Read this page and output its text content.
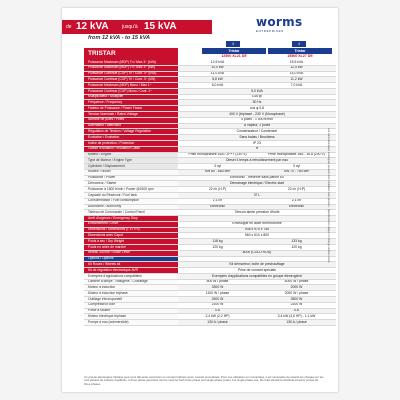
de 12 kVA	jusqu'à 15 kVA
from 12 kVA - to 15 kVA
worms
ENTREPRISES
TRISTAR
4
Tristar
12500 XL21 DE
4
Tristar
15500 XL27 DE
Puissance Maximum (MDP) Tri / Max 3~ (kVA)	12,5 kVA	15,5 kVA
Puissance Maximum (MDP) Tri / Max 3~ (kW)	10,0 kW	12,4 kW
Puissance Continue (COP) Tri / Cont. 3~ (kVA)	11,0 kVA	14,0 kVA
Puissance Continue (COP) Tri / Cont. 3~ (kW)	8,8 kW	11,2 kW
Puissance Maximum (MDP) Mono / Max 1~	6,0 kVA	7,0 kVA
Puissance Continue (COP) Mono / Cont. 1~	5,0 kVA
Multiplicateur / Multiplier	10A @
Fréquence / Frequency	50 Hz
Facteur de Puissance / Power Factor	cos φ 0,8
Tension Nominale / Rated Voltage	400 V (triphasé - 230 V (Monophasé)
Nombre de pôles / Poles	4 pôles - 1 500 tr/min
Alternateur / Alternator	A Vapeur, 2 pôles
Régulation de Tension / Voltage Regulation	Condensateur / Condenser
Excitation / Excitation	Sans balais / Brushless
Indice de protection / Protection	IP 23
Classe d'Isolation / Insulation Class	H
Moteur / Engine	Prise monophasée 16A / 2P+T (230 V)	Prise monophasée 16A - 16 A (230 V)
Type de Moteur / Engine Type	Diesel 4 temps à refroidissement par eau
Cylindrée / Displacement	3 cyl	3 cyl
Modèle / Model	SW 80 - 660 cm³	SW 70 - 760 cm³
Puissance / Power	Electronic - Réserve sans panne Ec
Démarreur / Starter	Démarrage électrique / Electric start
Puissance à 1500 tr/min / Power @1500 rpm	22 ch (H-P)	22 ch (H-P)
Capacité du Réservoir / Fuel tank	37 L
Consommation / Fuel consumption	2,1 l/h	2,1 l/h
Autonomie / Autonomy	Electronic	Electronic
Tableau de Commande / Control Panel	Témoin alerte pression d'huile
Arrêt d'urgence / Emergency Stop
Entraînement / Drive	Enveloppé en acier thermoformé
Dimensions / Dimensions (L x l x h)	936 x 970 x 755
Dimensions avec Capot	960 x 610 x 800
Poids à sec / Dry Weight	118 kg	133 kg
Poids en ordre de marche	120 kg	120 kg
Niveau Sonore / Noise Level	8000 (COLD ROD)
Options / Options
Kit Roues / Wheels kit	Kit démarreur, boîte de préchauffage
Kit de régulation électronique AVR	Prise de courant spéciale
Exemples d'applications compatibles	Exemples d'applications compatibles en groupe électrogène
Lumière à lampe - Halogène - Chauffage	600 W / phase	4000 W / phase
Moteur à induction	3300 W	2000 W
Moteur à induction triphasé	1100 W / phase	2000 W / phase
Outillage électroportatif	2500 W	3500 W
Compresseur d'air	2100 W	2200 W
Poste à souder	0 A	0 A
Moteur électrique triphasé	2,4 kW (2,2 HP)	3,4 kW (4,6 HP) - 1,1 kW
Pompe à eau (submersible)	130 A / phase	130 A / phase
Un groupe électrogène triphasé peut vous alimenter aussi bien en courant triphasé qu'en courant monophasé. Pour une utilisation en monophasé, il est nécessaire de répartir les charges sur les trois phases de manière équilibrée. A three-phase generator can be used for both three-phase and single-phase power. For single-phase use, the load should be distributed evenly across all three phases.
Les caractéristiques techniques peuvent être modifiées sans préavis - Specifications subject to change without notice
